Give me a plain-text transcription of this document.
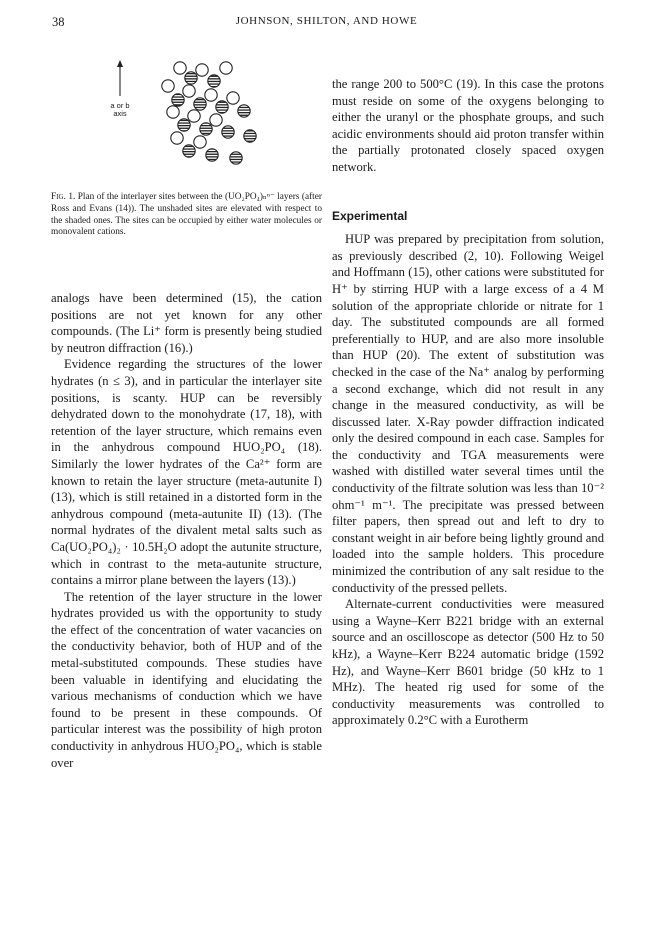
38	JOHNSON, SHILTON, AND HOWE
a or b
axis
Fig. 1. Plan of the interlayer sites between the (UO₂PO₄)ₙⁿ⁻ layers (after Ross and Evans (14)). The unshaded sites are elevated with respect to the shaded ones. The sites can be occupied by either water molecules or monovalent cations.

analogs have been determined (15), the cation positions are not yet known for any other compounds. (The Li⁺ form is presently being studied by neutron diffraction (16).)

Evidence regarding the structures of the lower hydrates (n ≤ 3), and in particular the interlayer site positions, is scanty. HUP can be reversibly dehydrated down to the monohydrate (17, 18), with retention of the layer structure, which remains even in the anhydrous compound HUO₂PO₄ (18). Similarly the lower hydrates of the Ca²⁺ form are known to retain the layer structure (meta-autunite I) (13), which is still retained in a distorted form in the anhydrous compound (meta-autunite II) (13). (The normal hydrates of the divalent metal salts such as Ca(UO₂PO₄)₂ · 10.5H₂O adopt the autunite structure, which in contrast to the meta-autunite structure, contains a mirror plane between the layers (13).)

The retention of the layer structure in the lower hydrates provided us with the opportunity to study the effect of the concentration of water vacancies on the conductivity behavior, both of HUP and of the metal-substituted compounds. These studies have been valuable in identifying and elucidating the various mechanisms of conduction which we have found to be present in these compounds. Of particular interest was the possibility of high proton conductivity in anhydrous HUO₂PO₄, which is stable over

the range 200 to 500°C (19). In this case the protons must reside on some of the oxygens belonging to either the uranyl or the phosphate groups, and such acidic environments should aid proton transfer within the partially protonated closely spaced oxygen network.

Experimental

HUP was prepared by precipitation from solution, as previously described (2, 10). Following Weigel and Hoffmann (15), other cations were substituted for H⁺ by stirring HUP with a large excess of a 4 M solution of the appropriate chloride or nitrate for 1 day. The substituted compounds are all formed preferentially to HUP, and are also more insoluble than HUP (20). The extent of substitution was checked in the case of the Na⁺ analog by performing a second exchange, which did not result in any change in the measured conductivity, as will be discussed later. X-Ray powder diffraction indicated only the desired compound in each case. Samples for the conductivity and TGA measurements were washed with distilled water several times until the conductivity of the filtrate solution was less than 10⁻² ohm⁻¹ m⁻¹. The precipitate was pressed between filter papers, then spread out and left to dry to constant weight in air before being lightly ground and loaded into the sample holders. This procedure minimized the contribution of any salt residue to the conductivity of the pressed pellets.

Alternate-current conductivities were measured using a Wayne–Kerr B221 bridge with an external source and an oscilloscope as detector (500 Hz to 50 kHz), a Wayne–Kerr B224 automatic bridge (1592 Hz), and Wayne–Kerr B601 bridge (50 kHz to 1 MHz). The heated rig used for some of the conductivity measurements was controlled to approximately 0.2°C with a Eurotherm
